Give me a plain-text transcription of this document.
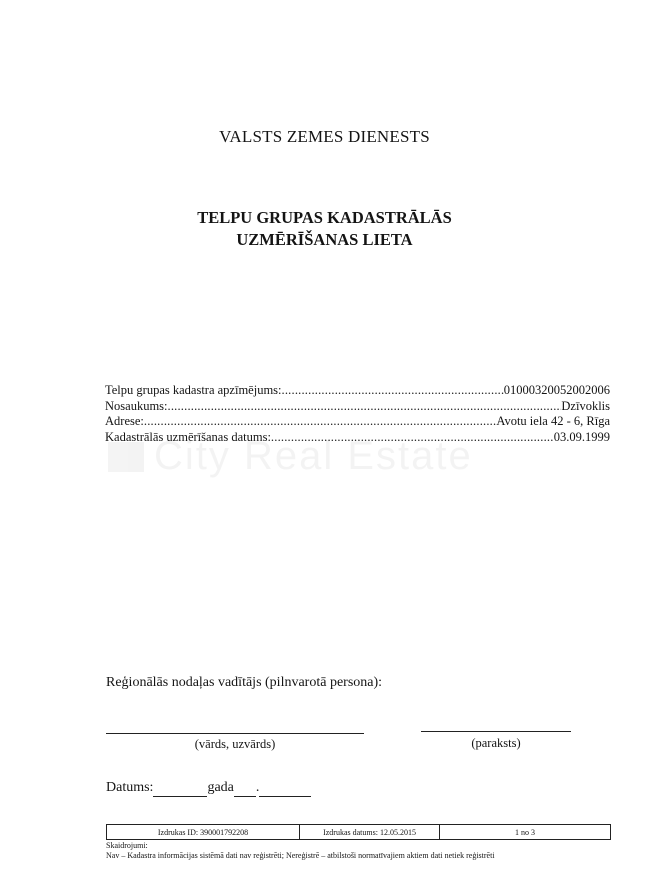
VALSTS ZEMES DIENESTS
TELPU GRUPAS KADASTRĀLĀS
UZMĒRĪŠANAS LIETA
Telpu grupas kadastra apzīmējums: .....	01000320052002006
Nosaukums: .....	Dzīvoklis
Adrese: .....	Avotu iela 42 - 6, Rīga
Kadastrālās uzmērīšanas datums: .....	03.09.1999
Reģionālās nodaļas vadītājs (pilnvarotā persona):
(vārds, uzvārds)	(paraksts)
Datums:	gada .
Izdrukas ID: 390001792208	Izdrukas datums: 12.05.2015	1 no 3
Skaidrojumi:
Nav – Kadastra informācijas sistēmā dati nav reģistrēti; Nereģistrē – atbilstoši normatīvajiem aktiem dati netiek reģistrēti
